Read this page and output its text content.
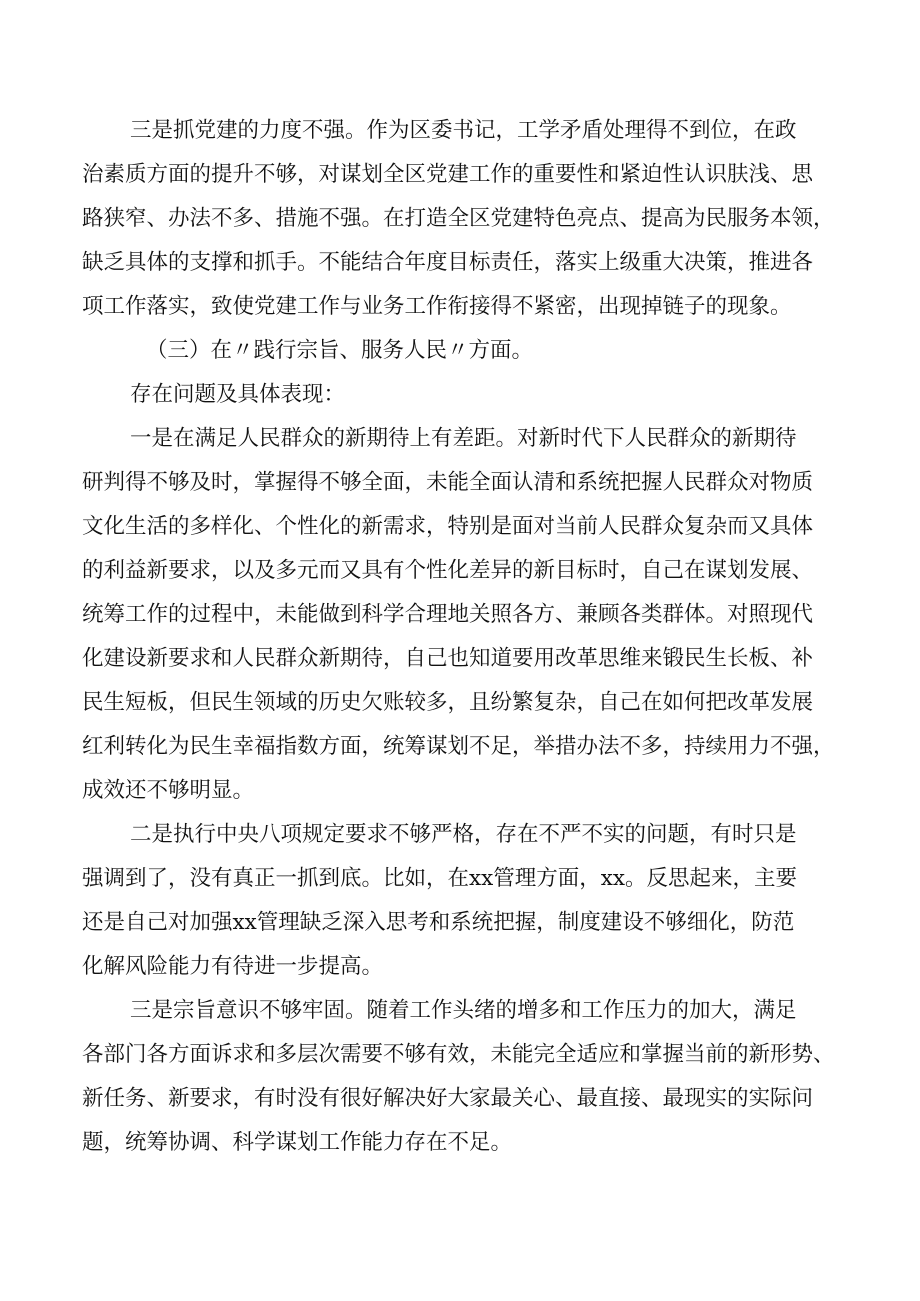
三是抓党建的力度不强。作为区委书记，工学矛盾处理得不到位，在政
治素质方面的提升不够，对谋划全区党建工作的重要性和紧迫性认识肤浅、思
路狭窄、办法不多、措施不强。在打造全区党建特色亮点、提高为民服务本领，
缺乏具体的支撑和抓手。不能结合年度目标责任，落实上级重大决策，推进各
项工作落实，致使党建工作与业务工作衔接得不紧密，出现掉链子的现象。
（三）在〃践行宗旨、服务人民〃方面。
存在问题及具体表现：
一是在满足人民群众的新期待上有差距。对新时代下人民群众的新期待
研判得不够及时，掌握得不够全面，未能全面认清和系统把握人民群众对物质
文化生活的多样化、个性化的新需求，特别是面对当前人民群众复杂而又具体
的利益新要求，以及多元而又具有个性化差异的新目标时，自己在谋划发展、
统筹工作的过程中，未能做到科学合理地关照各方、兼顾各类群体。对照现代
化建设新要求和人民群众新期待，自己也知道要用改革思维来锻民生长板、补
民生短板，但民生领域的历史欠账较多，且纷繁复杂，自己在如何把改革发展
红利转化为民生幸福指数方面，统筹谋划不足，举措办法不多，持续用力不强，
成效还不够明显。
二是执行中央八项规定要求不够严格，存在不严不实的问题，有时只是
强调到了，没有真正一抓到底。比如，在xx管理方面，xx。反思起来，主要
还是自己对加强xx管理缺乏深入思考和系统把握，制度建设不够细化，防范
化解风险能力有待进一步提高。
三是宗旨意识不够牢固。随着工作头绪的增多和工作压力的加大，满足
各部门各方面诉求和多层次需要不够有效，未能完全适应和掌握当前的新形势、
新任务、新要求，有时没有很好解决好大家最关心、最直接、最现实的实际问
题，统筹协调、科学谋划工作能力存在不足。
